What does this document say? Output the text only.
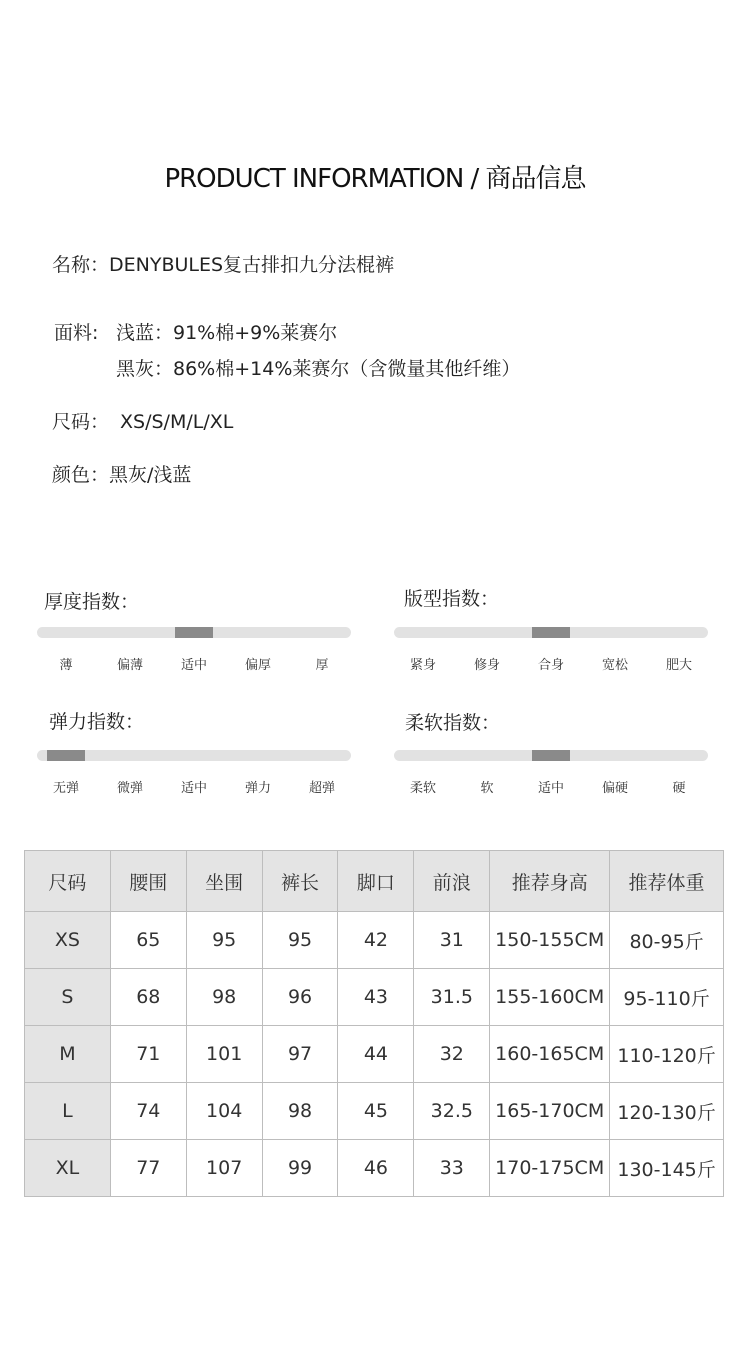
PRODUCT INFORMATION / 商品信息
名称：DENYBULES复古排扣九分法棍裤
面料: 浅蓝：91%棉+9%莱赛尔
黑灰：86%棉+14%莱赛尔（含微量其他纤维）
尺码： XS/S/M/L/XL
颜色：黑灰/浅蓝
厚度指数：
薄	偏薄	适中	偏厚	厚
版型指数：
紧身	修身	合身	宽松	肥大
弹力指数：
无弹	微弹	适中	弹力	超弹
柔软指数：
柔软	软	适中	偏硬	硬
尺码	腰围	坐围	裤长	脚口	前浪	推荐身高	推荐体重
XS	65	95	95	42	31	150-155CM	80-95斤
S	68	98	96	43	31.5	155-160CM	95-110斤
M	71	101	97	44	32	160-165CM	110-120斤
L	74	104	98	45	32.5	165-170CM	120-130斤
XL	77	107	99	46	33	170-175CM	130-145斤
